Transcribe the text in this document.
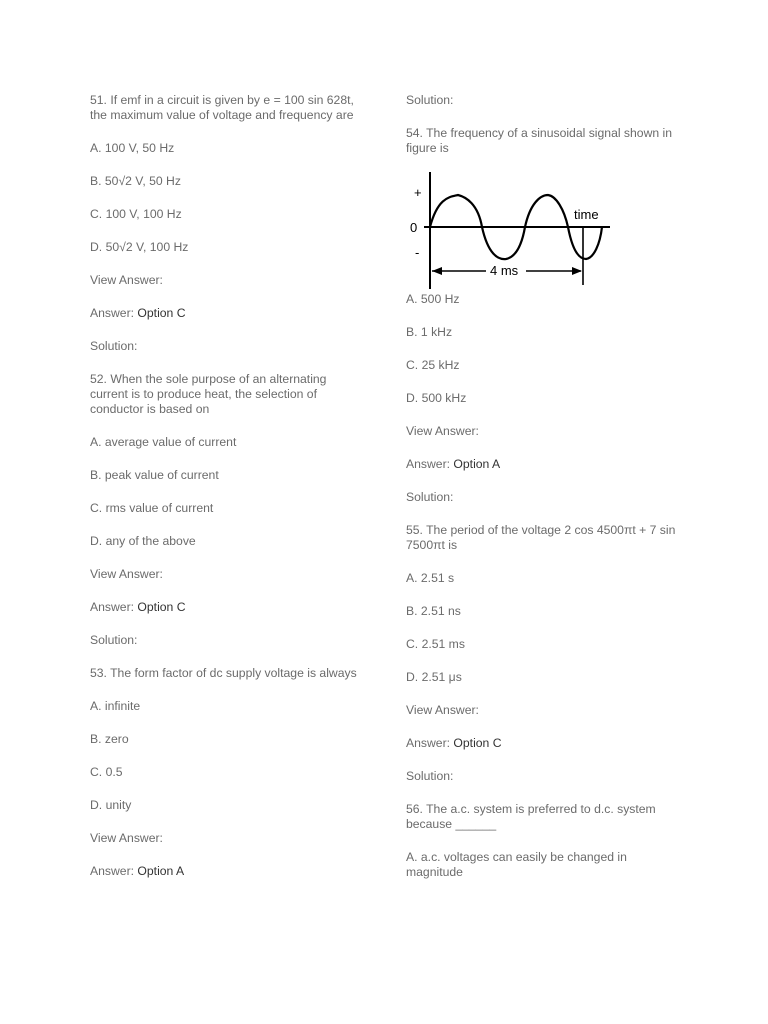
51. If emf in a circuit is given by e = 100 sin 628t, the maximum value of voltage and frequency are

A. 100 V, 50 Hz

B. 50√2 V, 50 Hz

C. 100 V, 100 Hz

D. 50√2 V, 100 Hz

View Answer:

Answer: Option C

Solution:

52. When the sole purpose of an alternating current is to produce heat, the selection of conductor is based on

A. average value of current

B. peak value of current

C. rms value of current

D. any of the above

View Answer:

Answer: Option C

Solution:

53. The form factor of dc supply voltage is always

A. infinite

B. zero

C. 0.5

D. unity

View Answer:

Answer: Option A

Solution:

54. The frequency of a sinusoidal signal shown in figure is

+
0
-
time
4 ms

A. 500 Hz

B. 1 kHz

C. 25 kHz

D. 500 kHz

View Answer:

Answer: Option A

Solution:

55. The period of the voltage 2 cos 4500πt + 7 sin 7500πt is

A. 2.51 s

B. 2.51 ns

C. 2.51 ms

D. 2.51 μs

View Answer:

Answer: Option C

Solution:

56. The a.c. system is preferred to d.c. system because ______

A. a.c. voltages can easily be changed in magnitude
